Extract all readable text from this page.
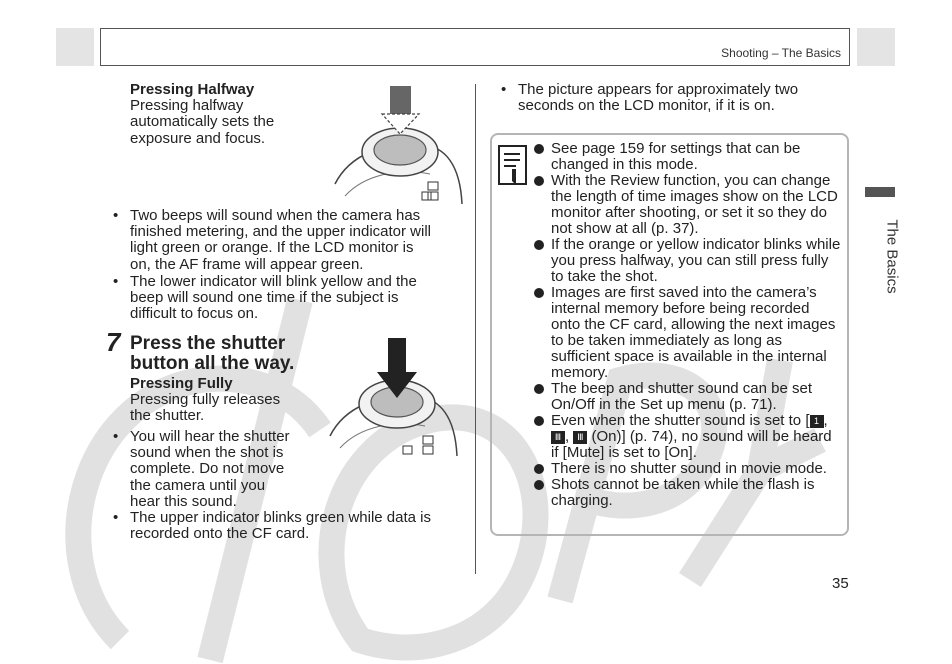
Shooting – The Basics
The Basics

Pressing Halfway

Pressing halfway

automatically sets the

exposure and focus.

• Two beeps will sound when the camera has
finished metering, and the upper indicator will
light green or orange. If the LCD monitor is
on, the AF frame will appear green.
• The lower indicator will blink yellow and the
beep will sound one time if the subject is
difficult to focus on.
7 Press the shutter
button all the way.

Pressing Fully

Pressing fully releases

the shutter.

• You will hear the shutter
sound when the shot is
complete. Do not move
the camera until you
hear this sound.
• The upper indicator blinks green while data is
recorded onto the CF card.
• The picture appears for approximately two
seconds on the LCD monitor, if it is on.
See page 159 for settings that can be changed in this mode.
With the Review function, you can change the length of time images show on the LCD monitor after shooting, or set it so they do not show at all (p. 37).
If the orange or yellow indicator blinks while you press halfway, you can still press fully to take the shot.
Images are first saved into the camera’s internal memory before being recorded onto the CF card, allowing the next images to be taken immediately as long as sufficient space is available in the internal memory.
The beep and shutter sound can be set On/Off in the Set up menu (p. 71).
Even when the shutter sound is set to [ 1 , Ⅲ , Ⅲ (On)] (p. 74), no sound will be heard if [Mute] is set to [On].
There is no shutter sound in movie mode.
Shots cannot be taken while the flash is charging.
35
